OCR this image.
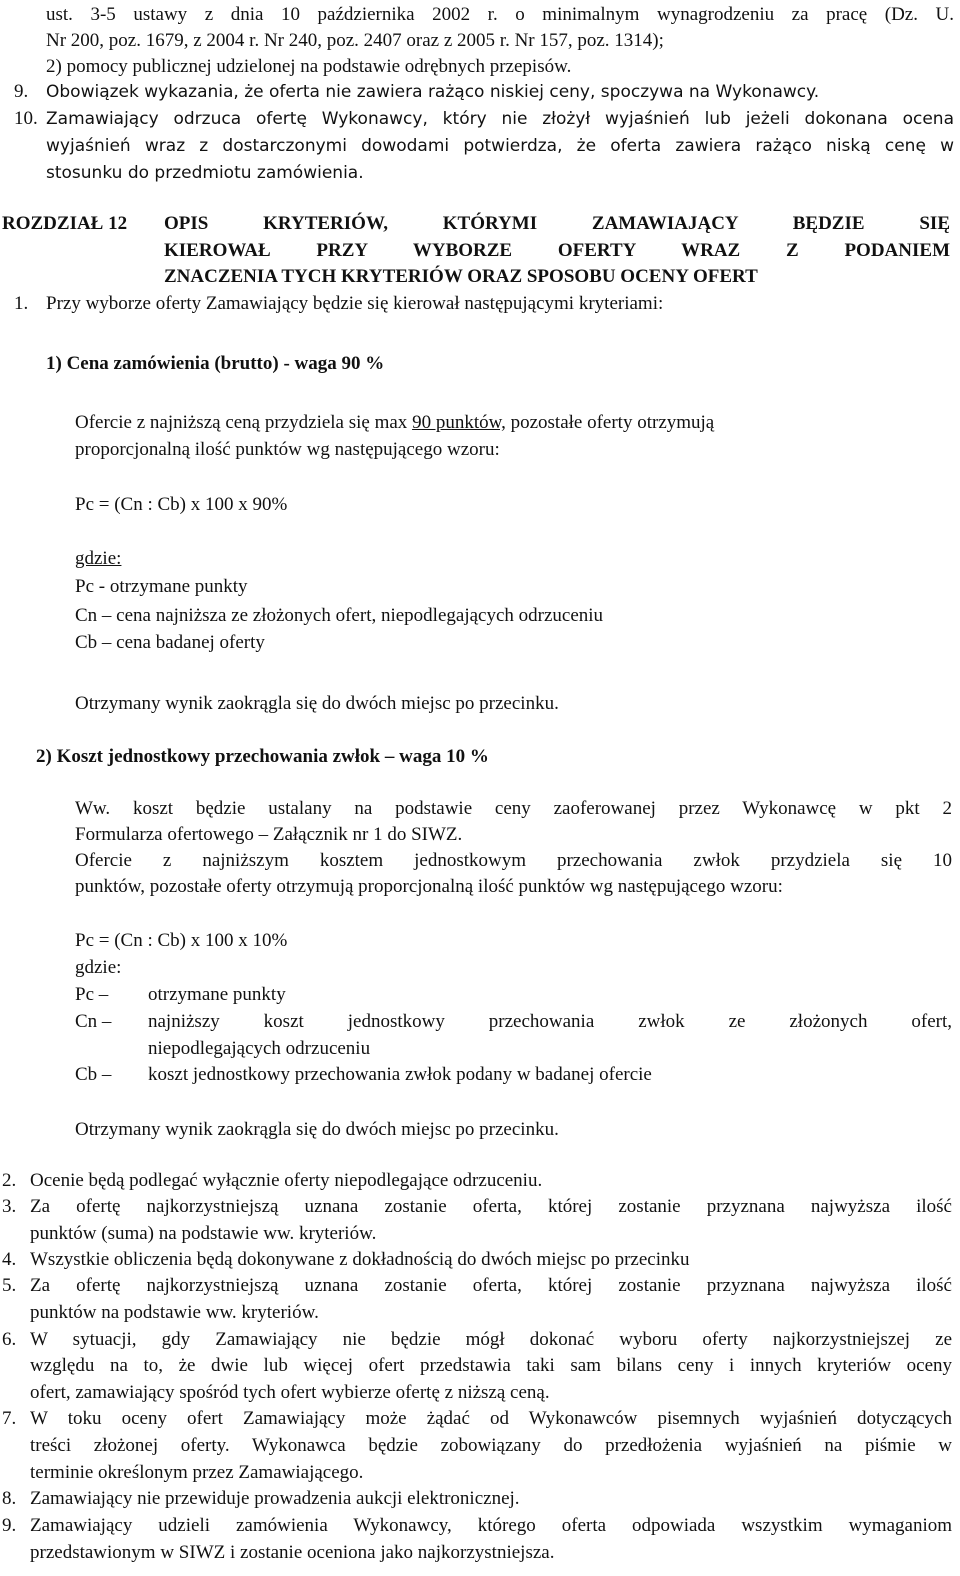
ust. 3-5 ustawy z dnia 10 października 2002 r. o minimalnym wynagrodzeniu za pracę (Dz. U.
Nr 200, poz. 1679, z 2004 r. Nr 240, poz. 2407 oraz z 2005 r. Nr 157, poz. 1314);
2) pomocy publicznej udzielonej na podstawie odrębnych przepisów.
9. Obowiązek wykazania, że oferta nie zawiera rażąco niskiej ceny, spoczywa na Wykonawcy.
10. Zamawiający odrzuca ofertę Wykonawcy, który nie złożył wyjaśnień lub jeżeli dokonana ocena
wyjaśnień wraz z dostarczonymi dowodami potwierdza, że oferta zawiera rażąco niską cenę w
stosunku do przedmiotu zamówienia.
ROZDZIAŁ 12 OPIS KRYTERIÓW, KTÓRYMI ZAMAWIAJĄCY BĘDZIE SIĘ
KIEROWAŁ PRZY WYBORZE OFERTY WRAZ Z PODANIEM
ZNACZENIA TYCH KRYTERIÓW ORAZ SPOSOBU OCENY OFERT
1. Przy wyborze oferty Zamawiający będzie się kierował następującymi kryteriami:
1) Cena zamówienia (brutto) - waga 90 %
Ofercie z najniższą ceną przydziela się max 90 punktów, pozostałe oferty otrzymują
proporcjonalną ilość punktów wg następującego wzoru:
Pc = (Cn : Cb) x 100 x 90%
gdzie:
Pc - otrzymane punkty
Cn – cena najniższa ze złożonych ofert, niepodlegających odrzuceniu
Cb – cena badanej oferty
Otrzymany wynik zaokrągla się do dwóch miejsc po przecinku.
2) Koszt jednostkowy przechowania zwłok – waga 10 %
Ww. koszt będzie ustalany na podstawie ceny zaoferowanej przez Wykonawcę w pkt 2
Formularza ofertowego – Załącznik nr 1 do SIWZ.
Ofercie z najniższym kosztem jednostkowym przechowania zwłok przydziela się 10
punktów, pozostałe oferty otrzymują proporcjonalną ilość punktów wg następującego wzoru:
Pc = (Cn : Cb) x 100 x 10%
gdzie:
Pc – otrzymane punkty
Cn – najniższy koszt jednostkowy przechowania zwłok ze złożonych ofert,
niepodlegających odrzuceniu
Cb – koszt jednostkowy przechowania zwłok podany w badanej ofercie
Otrzymany wynik zaokrągla się do dwóch miejsc po przecinku.
2. Ocenie będą podlegać wyłącznie oferty niepodlegające odrzuceniu.
3. Za ofertę najkorzystniejszą uznana zostanie oferta, której zostanie przyznana najwyższa ilość
punktów (suma) na podstawie ww. kryteriów.
4. Wszystkie obliczenia będą dokonywane z dokładnością do dwóch miejsc po przecinku
5. Za ofertę najkorzystniejszą uznana zostanie oferta, której zostanie przyznana najwyższa ilość
punktów na podstawie ww. kryteriów.
6. W sytuacji, gdy Zamawiający nie będzie mógł dokonać wyboru oferty najkorzystniejszej ze
względu na to, że dwie lub więcej ofert przedstawia taki sam bilans ceny i innych kryteriów oceny
ofert, zamawiający spośród tych ofert wybierze ofertę z niższą ceną.
7. W toku oceny ofert Zamawiający może żądać od Wykonawców pisemnych wyjaśnień dotyczących
treści złożonej oferty. Wykonawca będzie zobowiązany do przedłożenia wyjaśnień na piśmie w
terminie określonym przez Zamawiającego.
8. Zamawiający nie przewiduje prowadzenia aukcji elektronicznej.
9. Zamawiający udzieli zamówienia Wykonawcy, którego oferta odpowiada wszystkim wymaganiom
przedstawionym w SIWZ i zostanie oceniona jako najkorzystniejsza.
